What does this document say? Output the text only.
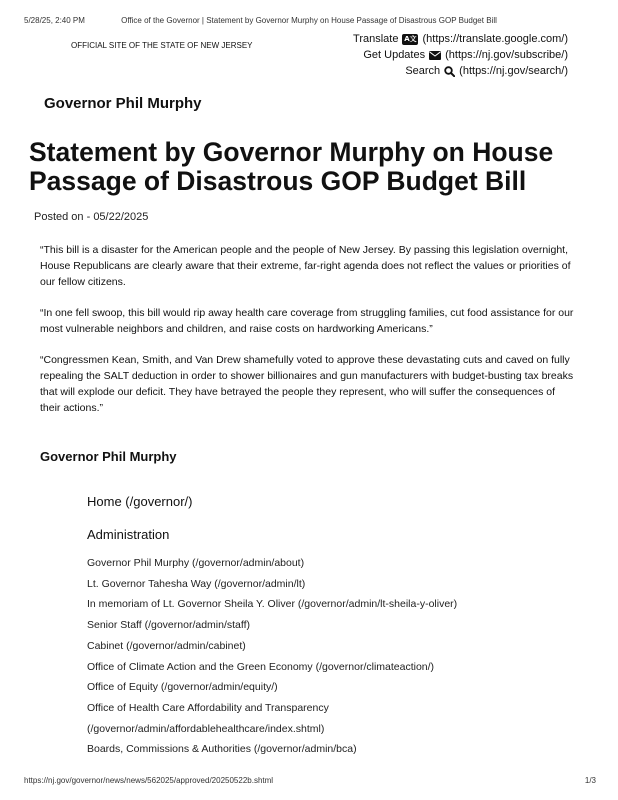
5/28/25, 2:40 PM	Office of the Governor | Statement by Governor Murphy on House Passage of Disastrous GOP Budget Bill
OFFICIAL SITE OF THE STATE OF NEW JERSEY
Translate A文 (https://translate.google.com/)
Get Updates (https://nj.gov/subscribe/)
Search (https://nj.gov/search/)
Governor Phil Murphy
Statement by Governor Murphy on House Passage of Disastrous GOP Budget Bill
Posted on - 05/22/2025

“This bill is a disaster for the American people and the people of New Jersey. By passing this legislation overnight, House Republicans are clearly aware that their extreme, far-right agenda does not reflect the values or priorities of our fellow citizens.

“In one fell swoop, this bill would rip away health care coverage from struggling families, cut food assistance for our most vulnerable neighbors and children, and raise costs on hardworking Americans.”

“Congressmen Kean, Smith, and Van Drew shamefully voted to approve these devastating cuts and caved on fully repealing the SALT deduction in order to shower billionaires and gun manufacturers with budget-busting tax breaks that will explode our deficit. They have betrayed the people they represent, who will suffer the consequences of their actions.”

Governor Phil Murphy
Home (/governor/)
Administration
Governor Phil Murphy (/governor/admin/about)
Lt. Governor Tahesha Way (/governor/admin/lt)
In memoriam of Lt. Governor Sheila Y. Oliver (/governor/admin/lt-sheila-y-oliver)
Senior Staff (/governor/admin/staff)
Cabinet (/governor/admin/cabinet)
Office of Climate Action and the Green Economy (/governor/climateaction/)
Office of Equity (/governor/admin/equity/)
Office of Health Care Affordability and Transparency
(/governor/admin/affordablehealthcare/index.shtml)
Boards, Commissions & Authorities (/governor/admin/bca)
https://nj.gov/governor/news/news/562025/approved/20250522b.shtml	1/3
